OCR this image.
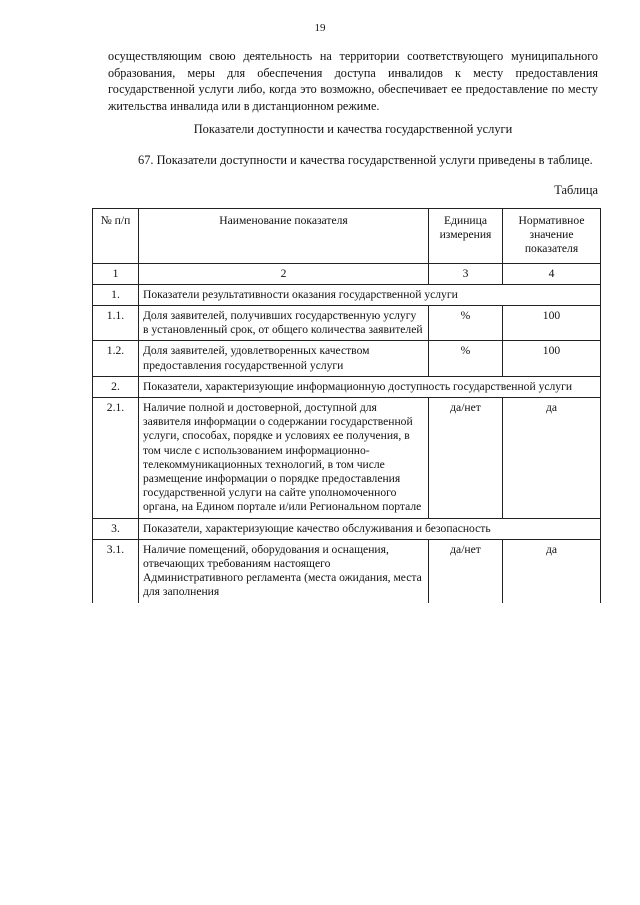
19
осуществляющим свою деятельность на территории соответствующего муниципального образования, меры для обеспечения доступа инвалидов к месту предоставления государственной услуги либо, когда это возможно, обеспечивает ее предоставление по месту жительства инвалида или в дистанционном режиме.
Показатели доступности и качества государственной услуги
67. Показатели доступности и качества государственной услуги приведены в таблице.
Таблица
№ п/п	Наименование показателя	Единица измерения	Нормативное значение показателя
1	2	3	4
1.	Показатели результативности оказания государственной услуги		
1.1.	Доля заявителей, получивших государственную услугу в установленный срок, от общего количества заявителей	%	100
1.2.	Доля заявителей, удовлетворенных качеством предоставления государственной услуги	%	100
2.	Показатели, характеризующие информационную доступность государственной услуги		
2.1.	Наличие полной и достоверной, доступной для заявителя информации о содержании государственной услуги, способах, порядке и условиях ее получения, в том числе с использованием информационно-телекоммуникационных технологий, в том числе размещение информации о порядке предоставления государственной услуги на сайте уполномоченного органа, на Едином портале и/или Региональном портале	да/нет	да
3.	Показатели, характеризующие качество обслуживания и безопасность		
3.1.	Наличие помещений, оборудования и оснащения, отвечающих требованиям настоящего Административного регламента (места ожидания, места для заполнения	да/нет	да
